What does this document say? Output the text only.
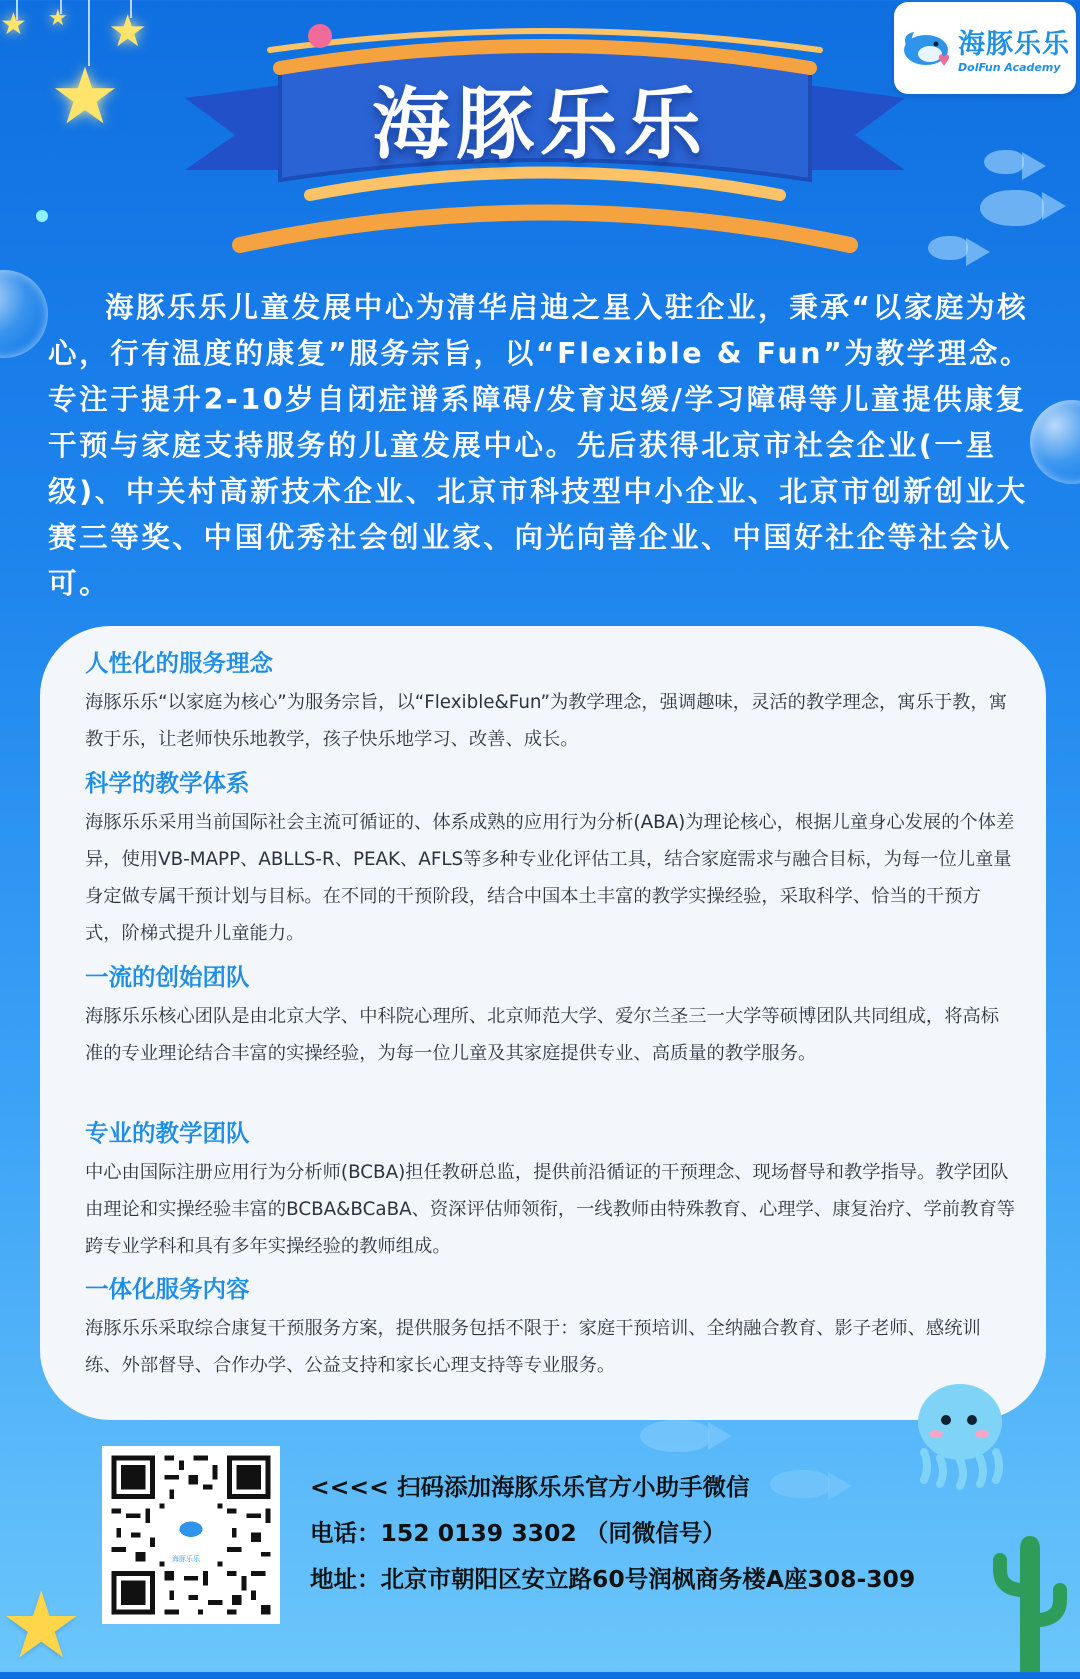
★ ★
★
★	海豚乐乐
DolFun Academy
海豚乐乐

海豚乐乐儿童发展中心为清华启迪之星入驻企业，秉承“以家庭为核心，行有温度的康复”服务宗旨，以“Flexible & Fun”为教学理念。专注于提升2-10岁自闭症谱系障碍/发育迟缓/学习障碍等儿童提供康复干预与家庭支持服务的儿童发展中心。先后获得北京市社会企业(一星级)、中关村高新技术企业、北京市科技型中小企业、北京市创新创业大赛三等奖、中国优秀社会创业家、向光向善企业、中国好社企等社会认可。

人性化的服务理念

海豚乐乐“以家庭为核心”为服务宗旨，以“Flexible&Fun”为教学理念，强调趣味，灵活的教学理念，寓乐于教，寓教于乐，让老师快乐地教学，孩子快乐地学习、改善、成长。

科学的教学体系

海豚乐乐采用当前国际社会主流可循证的、体系成熟的应用行为分析(ABA)为理论核心，根据儿童身心发展的个体差异，使用VB-MAPP、ABLLS-R、PEAK、AFLS等多种专业化评估工具，结合家庭需求与融合目标，为每一位儿童量身定做专属干预计划与目标。在不同的干预阶段，结合中国本土丰富的教学实操经验，采取科学、恰当的干预方式，阶梯式提升儿童能力。

一流的创始团队

海豚乐乐核心团队是由北京大学、中科院心理所、北京师范大学、爱尔兰圣三一大学等硕博团队共同组成，将高标准的专业理论结合丰富的实操经验，为每一位儿童及其家庭提供专业、高质量的教学服务。

专业的教学团队

中心由国际注册应用行为分析师(BCBA)担任教研总监，提供前沿循证的干预理念、现场督导和教学指导。教学团队由理论和实操经验丰富的BCBA&BCaBA、资深评估师领衔，一线教师由特殊教育、心理学、康复治疗、学前教育等跨专业学科和具有多年实操经验的教师组成。

一体化服务内容

海豚乐乐采取综合康复干预服务方案，提供服务包括不限于：家庭干预培训、全纳融合教育、影子老师、感统训练、外部督导、合作办学、公益支持和家长心理支持等专业服务。

★
海豚乐乐
<<<< 扫码添加海豚乐乐官方小助手微信
电话：152 0139 3302 （同微信号）
地址：北京市朝阳区安立路60号润枫商务楼A座308-309
